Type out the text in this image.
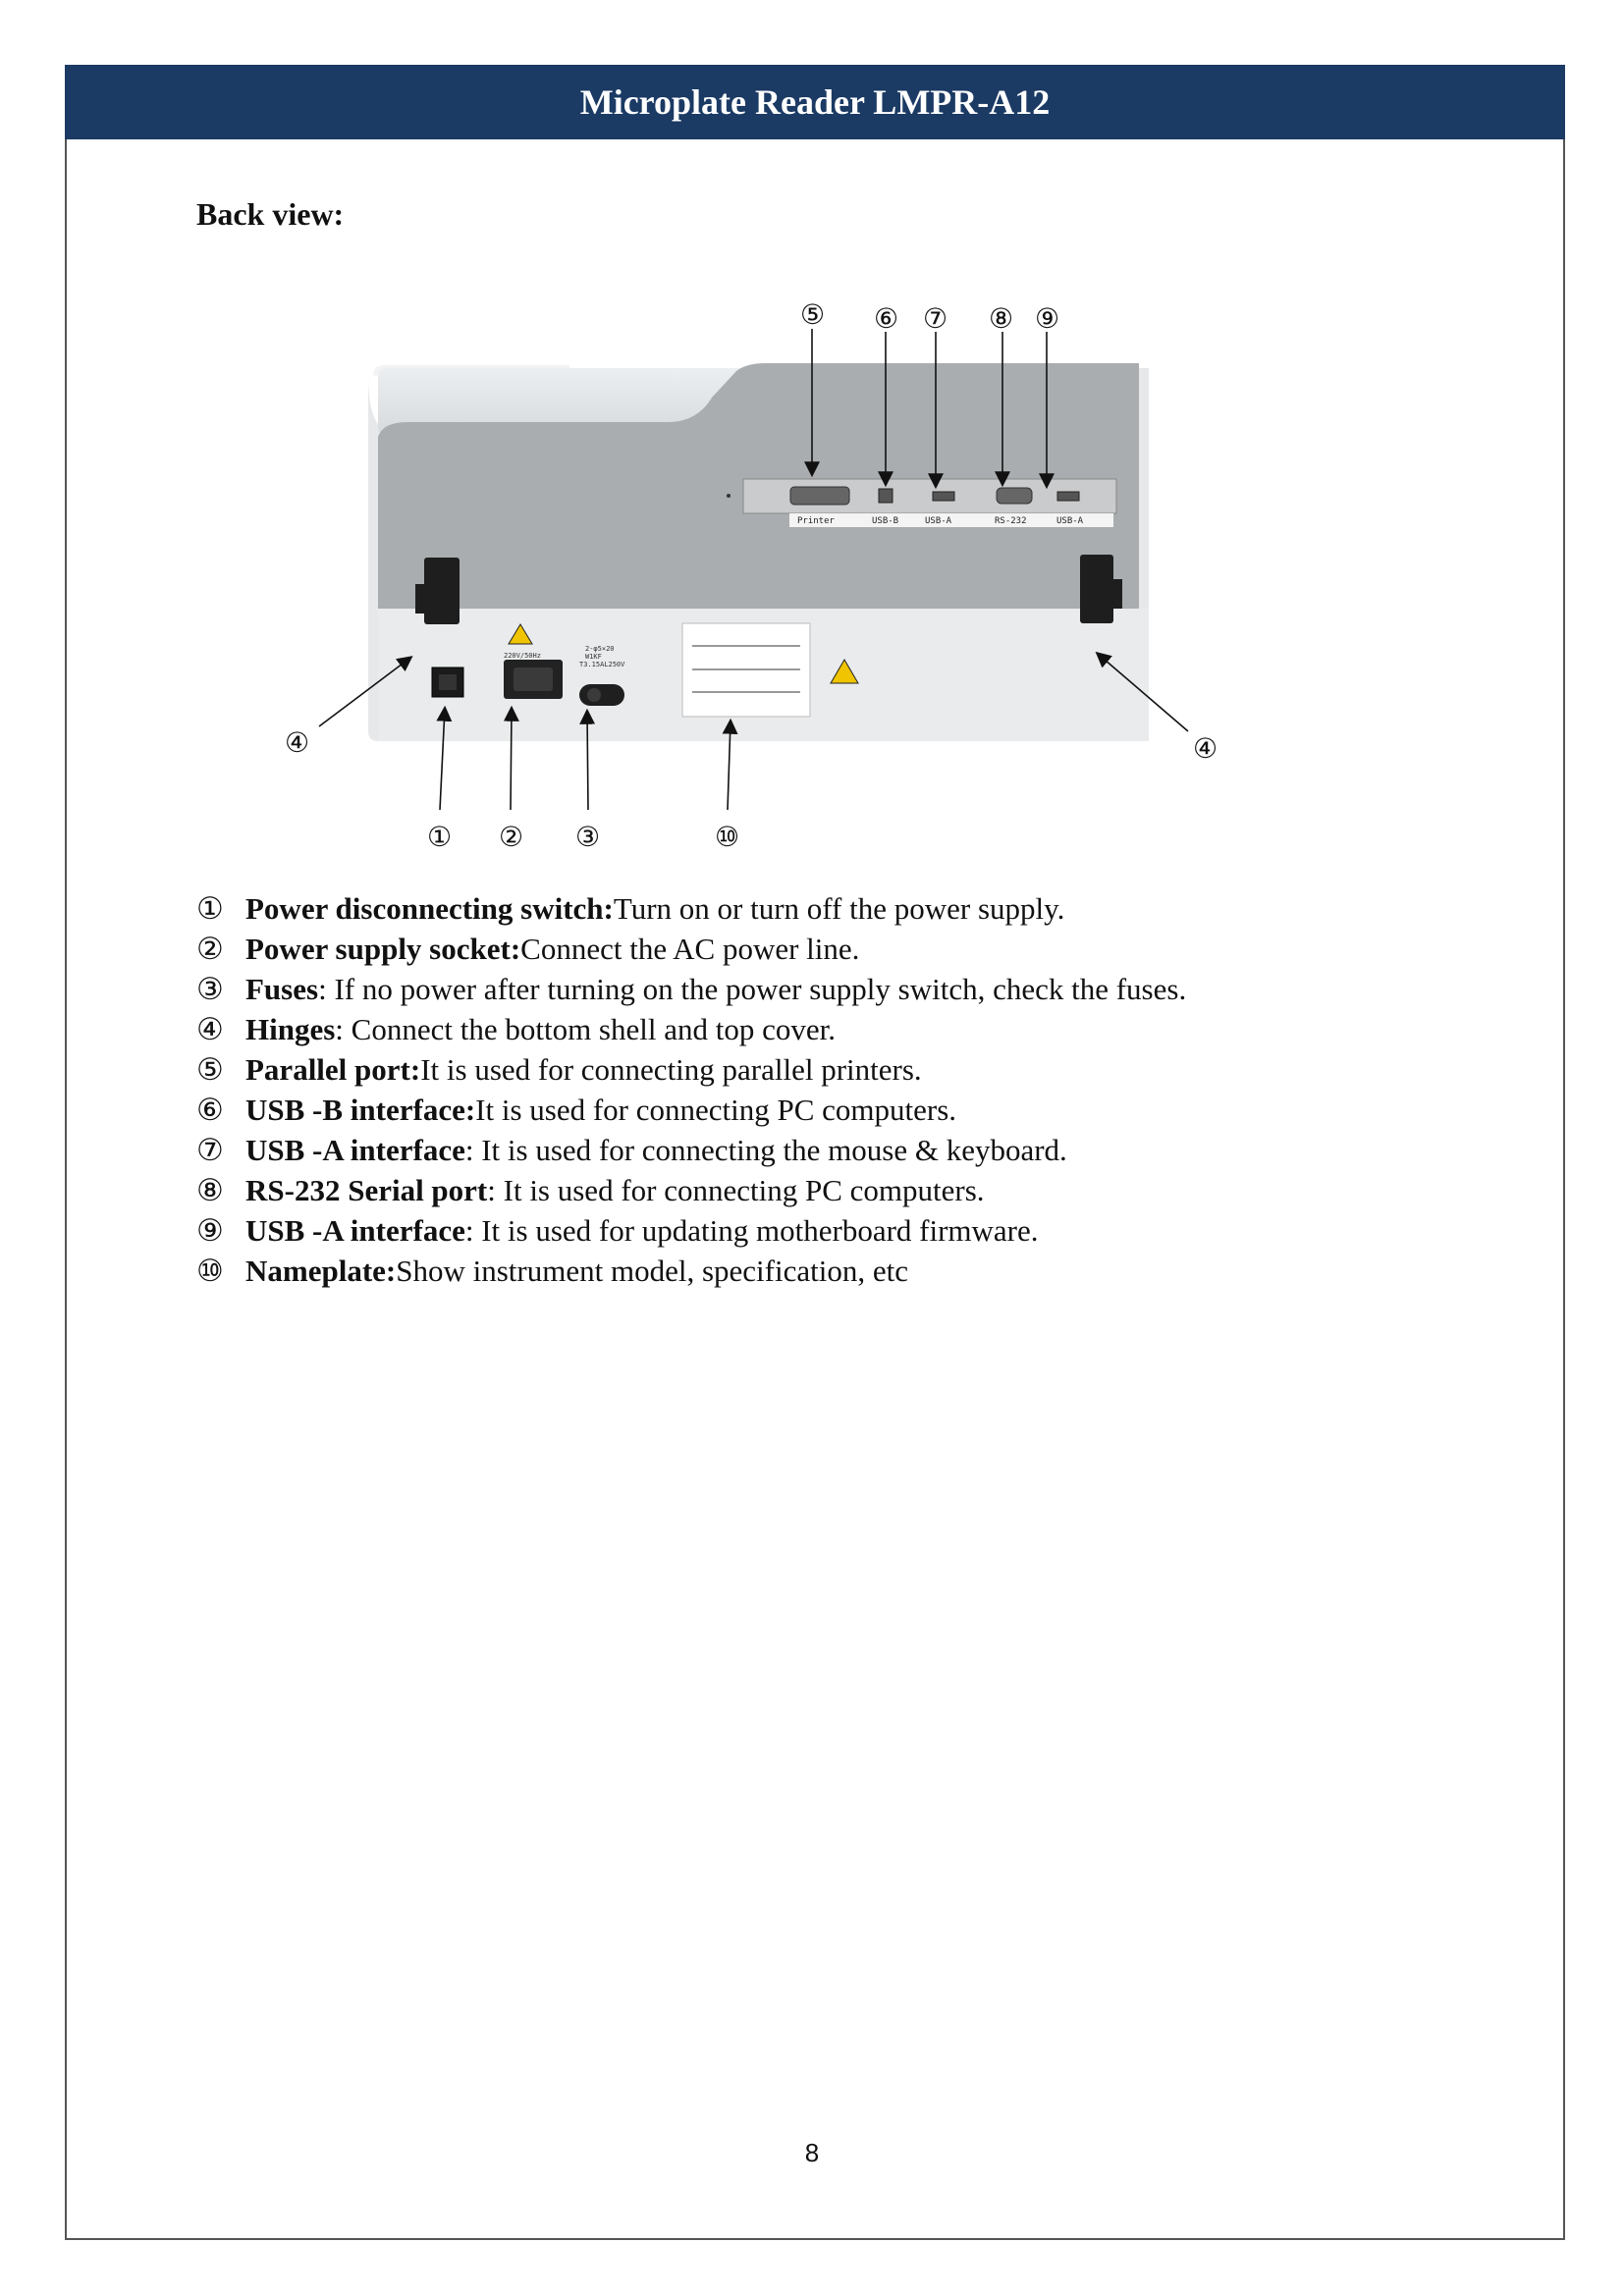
Microplate Reader LMPR-A12
Back view:
Printer	USB-B	USB-A	RS-232	USB-A
220V/50Hz
2-φ5×20
W1KF
T3.15AL250V
⑤ ⑥ ⑦ ⑧ ⑨
④	④
① ② ③	⑩
① Power disconnecting switch: Turn on or turn off the power supply.
② Power supply socket: Connect the AC power line.
③ Fuses : If no power after turning on the power supply switch, check the fuses.
④ Hinges : Connect the bottom shell and top cover.
⑤ Parallel port: It is used for connecting parallel printers.
⑥ USB -B interface: It is used for connecting PC computers.
⑦ USB -A interface : It is used for connecting the mouse & keyboard.
⑧ RS-232 Serial port : It is used for connecting PC computers.
⑨ USB -A interface : It is used for updating motherboard firmware.
⑩ Nameplate: Show instrument model, specification, etc
8
